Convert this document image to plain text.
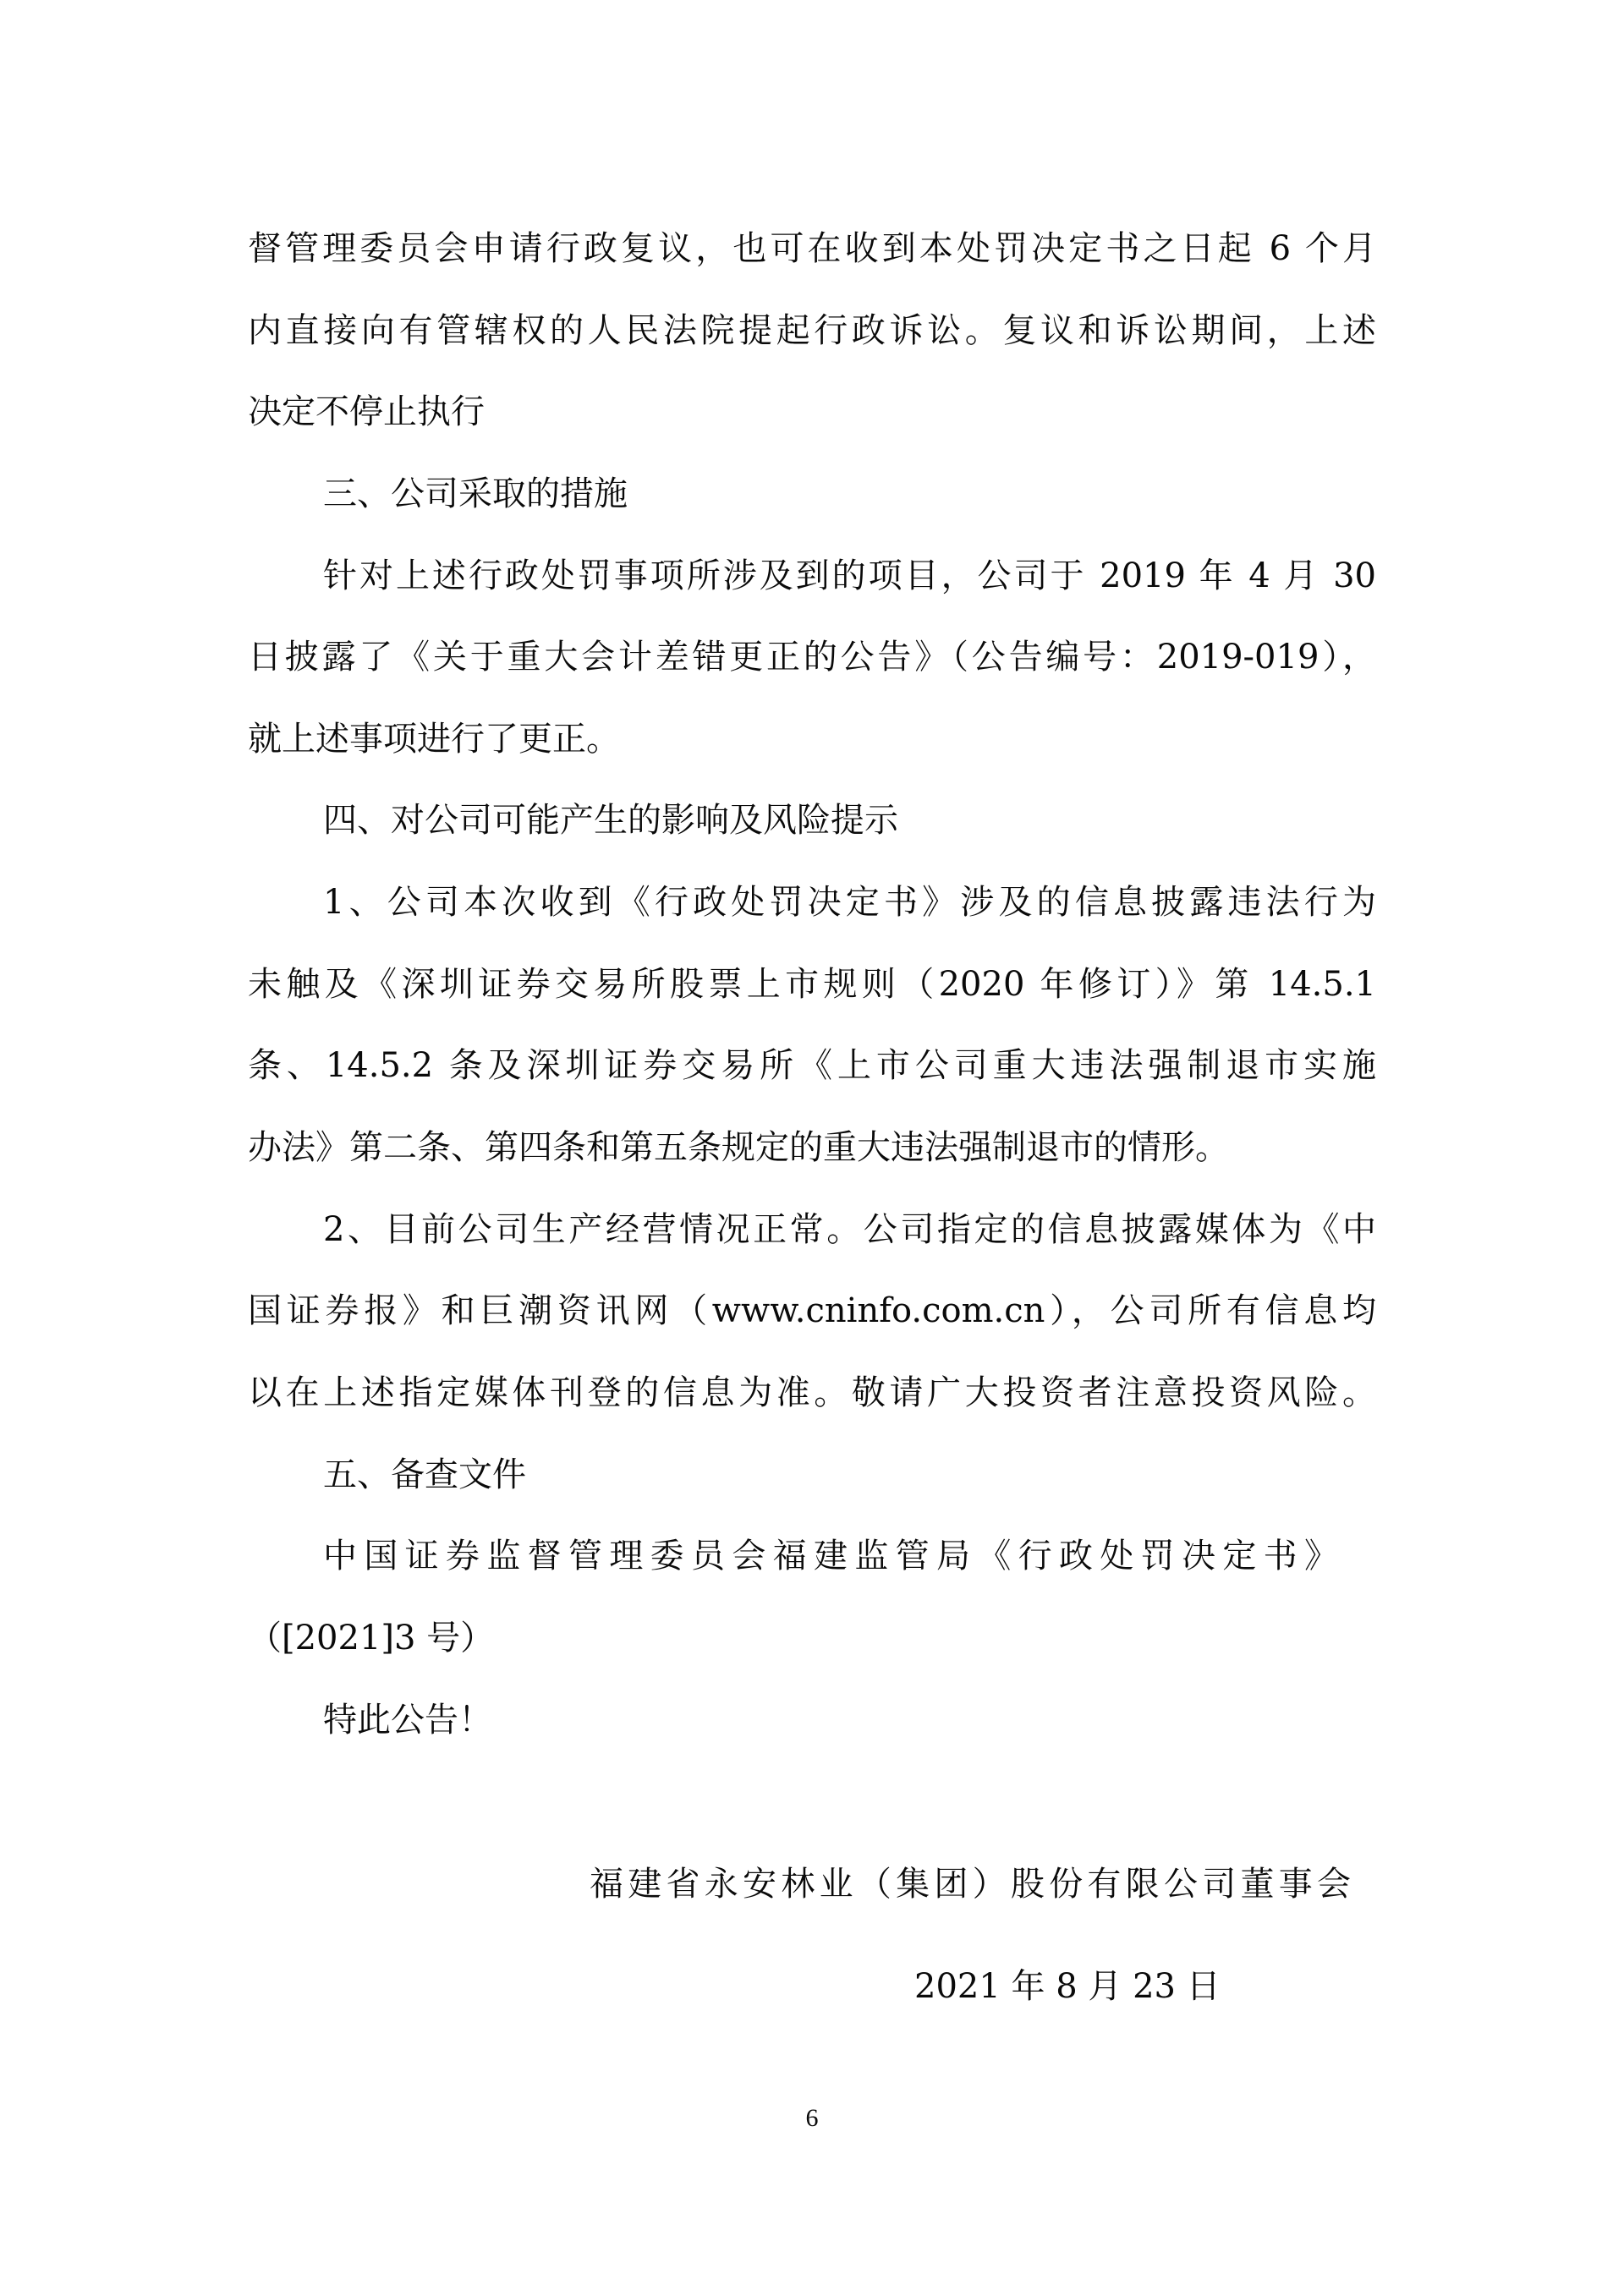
督管理委员会申请行政复议，也可在收到本处罚决定书之日起 6 个月
内直接向有管辖权的人民法院提起行政诉讼。复议和诉讼期间，上述
决定不停止执行
三、公司采取的措施
针对上述行政处罚事项所涉及到的项目，公司于 2019 年 4 月 30
日披露了《关于重大会计差错更正的公告》（公告编号：2019-019），
就上述事项进行了更正。
四、对公司可能产生的影响及风险提示
1、公司本次收到《行政处罚决定书》涉及的信息披露违法行为
未触及《深圳证券交易所股票上市规则（2020 年修订）》第 14.5.1
条、14.5.2 条及深圳证券交易所《上市公司重大违法强制退市实施
办法》第二条、第四条和第五条规定的重大违法强制退市的情形。
2、目前公司生产经营情况正常。公司指定的信息披露媒体为《中
国证券报》和巨潮资讯网（www.cninfo.com.cn），公司所有信息均
以在上述指定媒体刊登的信息为准。敬请广大投资者注意投资风险。
五、备查文件
中国证券监督管理委员会福建监管局《行政处罚决定书》
（[2021]3 号）
特此公告！
福建省永安林业（集团）股份有限公司董事会
2021 年 8 月 23 日
6
